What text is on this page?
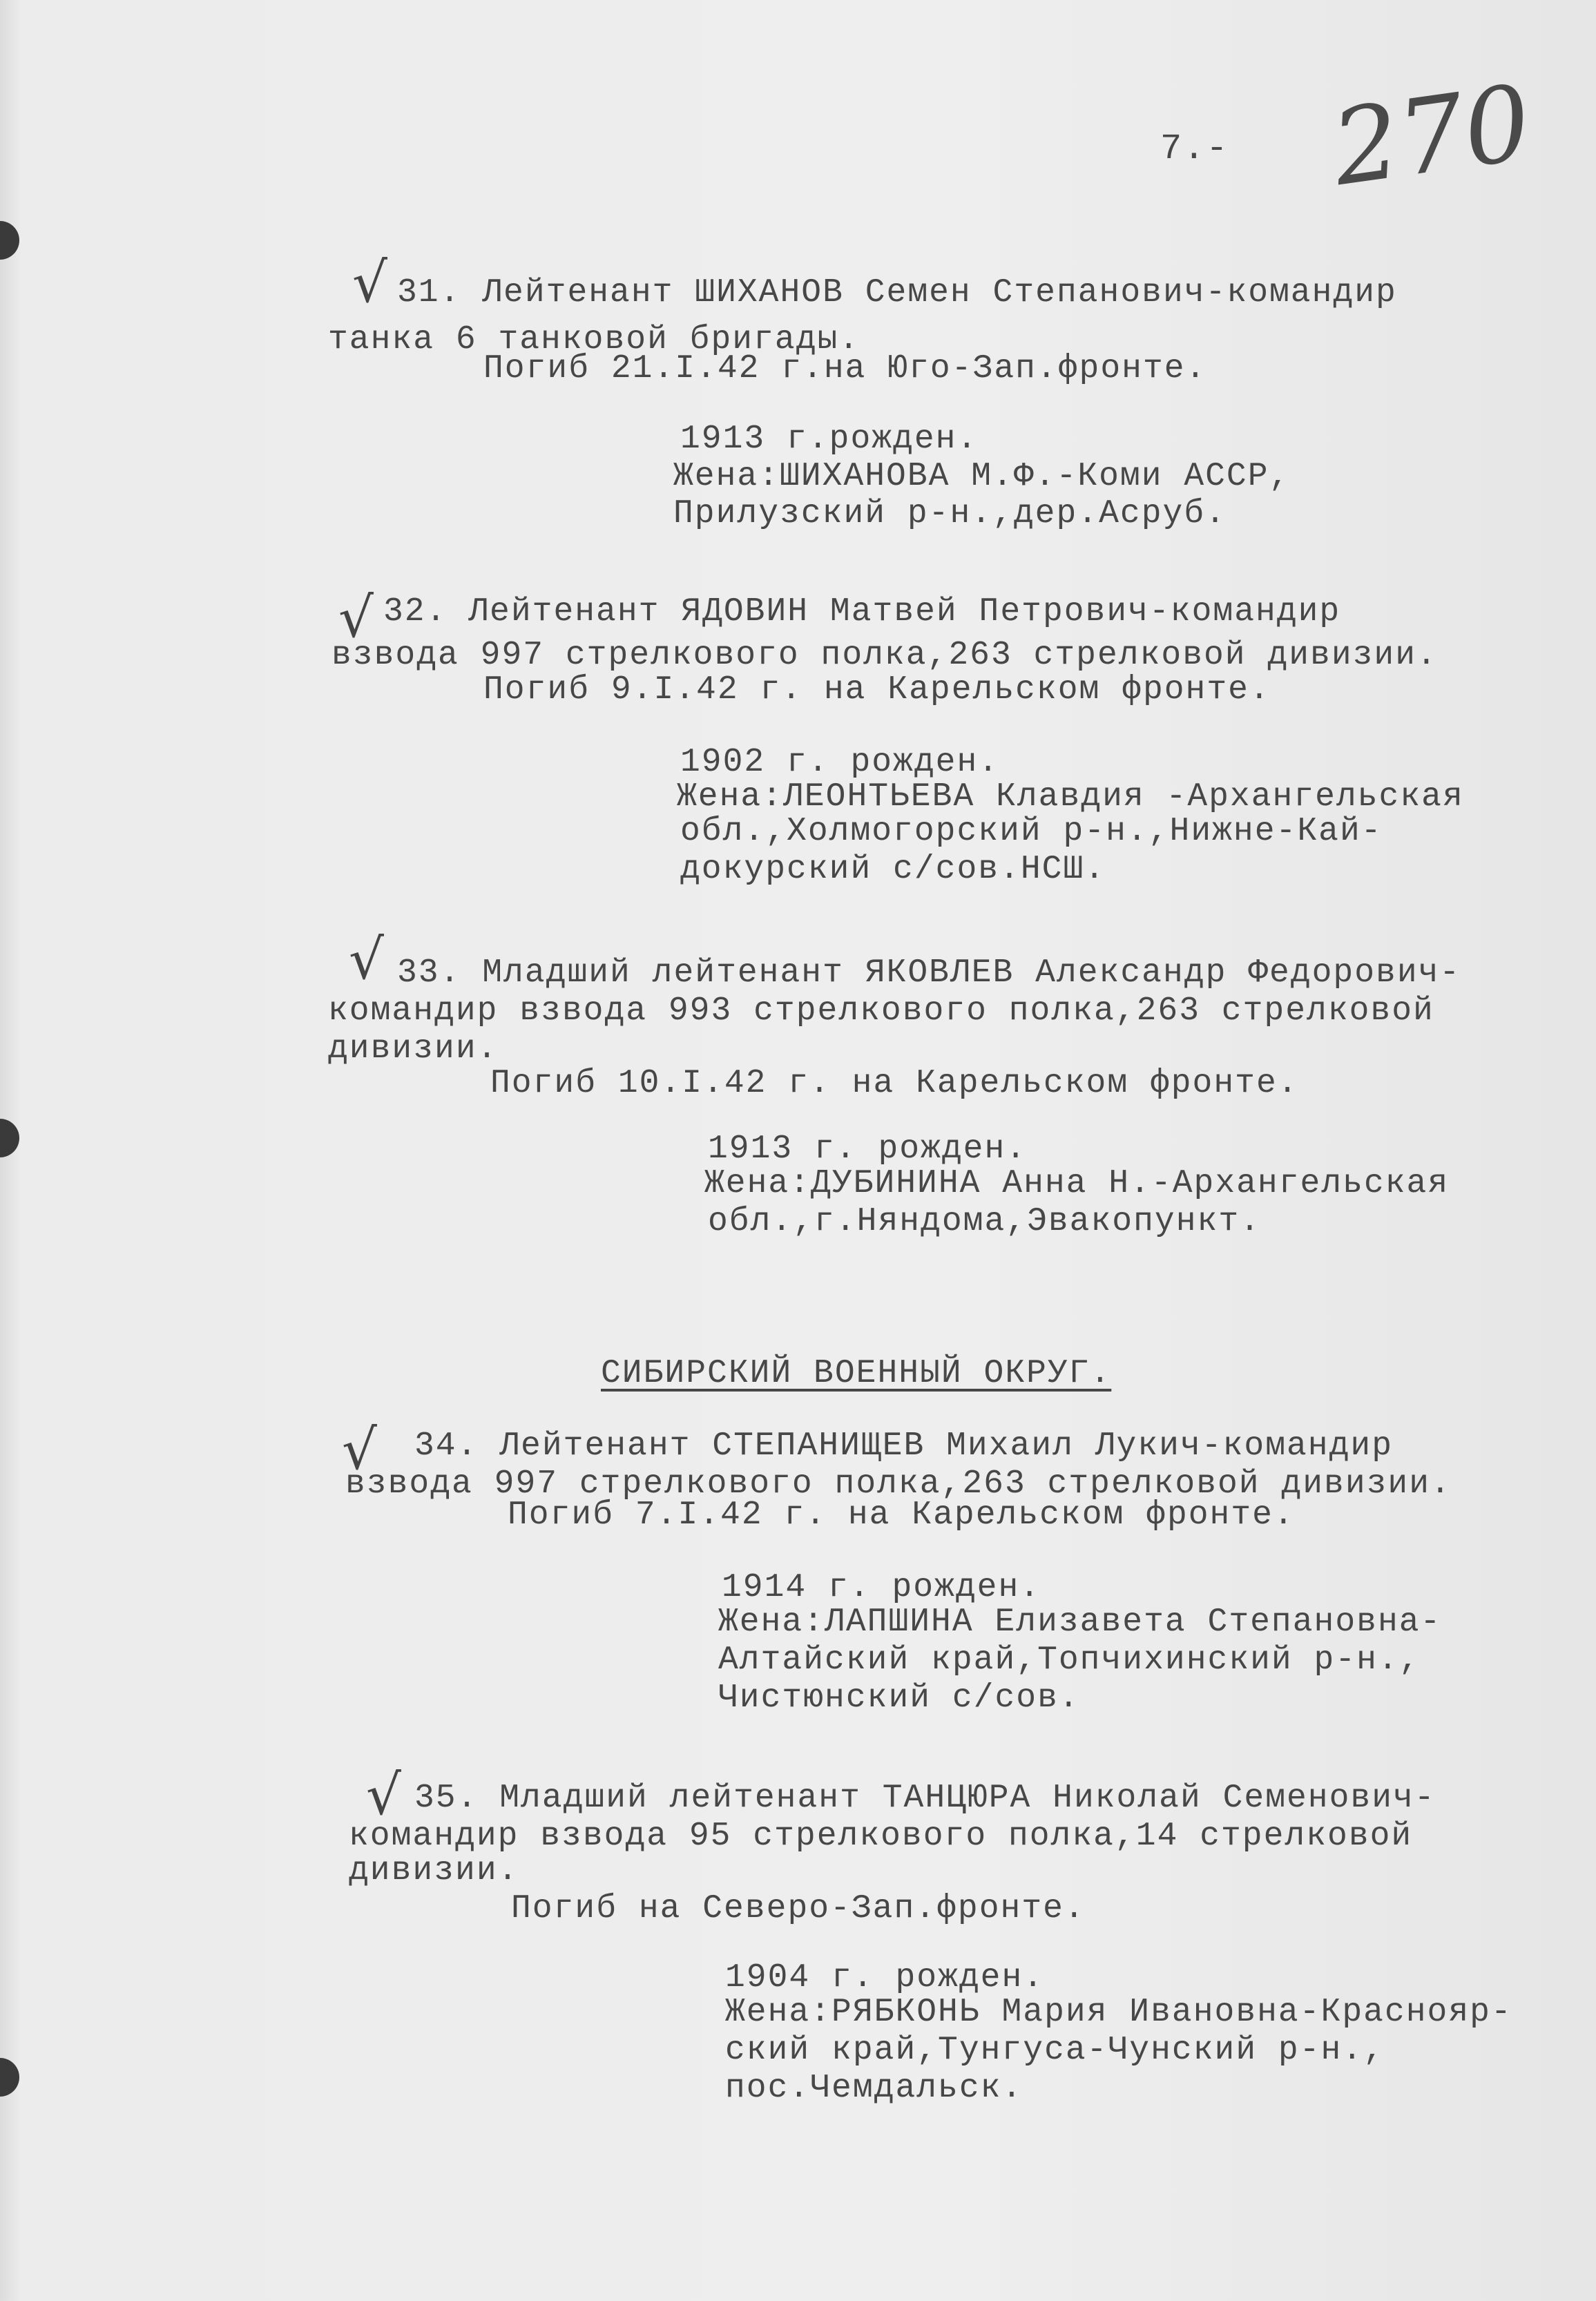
7.- 270
√ 31. Лейтенант ШИХАНОВ Семен Степанович-командир
танка 6 танковой бригады.
Погиб 21.I.42 г.на Юго-Зап.фронте.
1913 г.рожден.
Жена:ШИХАНОВА М.Ф.-Коми АССР,
Прилузский р-н.,дер.Асруб.
√ 32. Лейтенант ЯДОВИН Матвей Петрович-командир
взвода 997 стрелкового полка,263 стрелковой дивизии.
Погиб 9.I.42 г. на Карельском фронте.
1902 г. рожден.
Жена:ЛЕОНТЬЕВА Клавдия -Архангельская
обл.,Холмогорский р-н.,Нижне-Кай-
докурский с/сов.НСШ.
√ 33. Младший лейтенант ЯКОВЛЕВ Александр Федорович-
командир взвода 993 стрелкового полка,263 стрелковой
дивизии.
Погиб 10.I.42 г. на Карельском фронте.
1913 г. рожден.
Жена:ДУБИНИНА Анна Н.-Архангельская
обл.,г.Няндома,Эвакопункт.
СИБИРСКИЙ ВОЕННЫЙ ОКРУГ.
√ 34. Лейтенант СТЕПАНИЩЕВ Михаил Лукич-командир
взвода 997 стрелкового полка,263 стрелковой дивизии.
Погиб 7.I.42 г. на Карельском фронте.
1914 г. рожден.
Жена:ЛАПШИНА Елизавета Степановна-
Алтайский край,Топчихинский р-н.,
Чистюнский с/сов.
√ 35. Младший лейтенант ТАНЦЮРА Николай Семенович-
командир взвода 95 стрелкового полка,14 стрелковой
дивизии.
Погиб на Северо-Зап.фронте.
1904 г. рожден.
Жена:РЯБКОНЬ Мария Ивановна-Краснояр-
ский край,Тунгуса-Чунский р-н.,
пос.Чемдальск.
